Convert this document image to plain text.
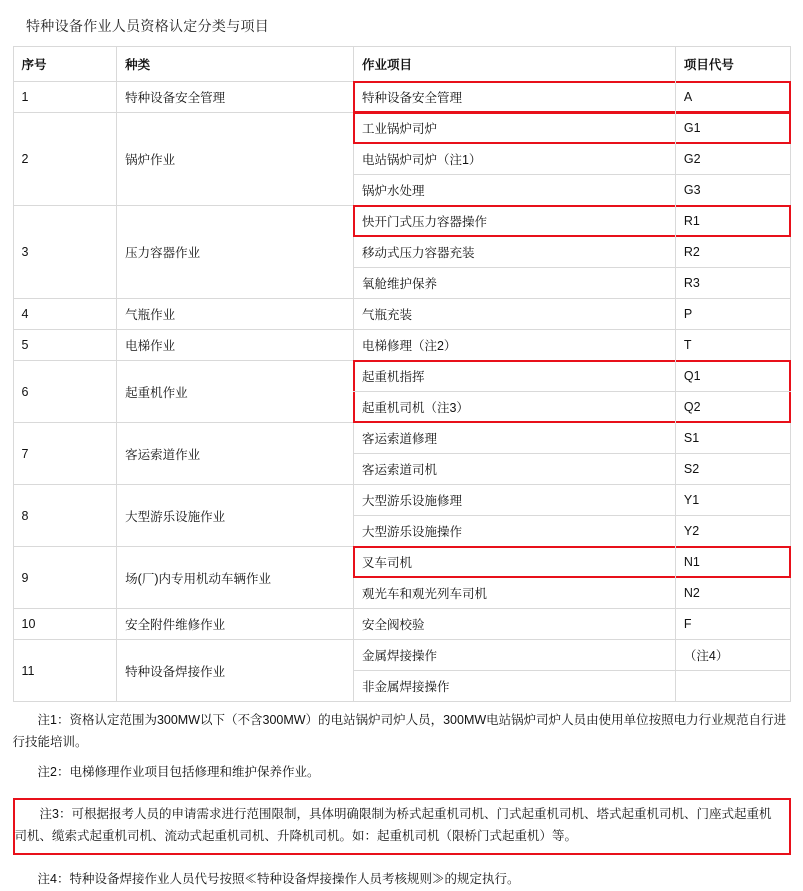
特种设备作业人员资格认定分类与项目
序号	种类	作业项目	项目代号
1	特种设备安全管理	特种设备安全管理	A
2	锅炉作业	工业锅炉司炉	G1
		电站锅炉司炉（注1）	G2
		锅炉水处理	G3
3	压力容器作业	快开门式压力容器操作	R1
		移动式压力容器充装	R2
		氧舱维护保养	R3
4	气瓶作业	气瓶充装	P
5	电梯作业	电梯修理（注2）	T
6	起重机作业	起重机指挥	Q1
		起重机司机（注3）	Q2
7	客运索道作业	客运索道修理	S1
		客运索道司机	S2
8	大型游乐设施作业	大型游乐设施修理	Y1
		大型游乐设施操作	Y2
9	场(厂)内专用机动车辆作业	叉车司机	N1
		观光车和观光列车司机	N2
10	安全附件维修作业	安全阀校验	F
11	特种设备焊接作业	金属焊接操作	（注4）
		非金属焊接操作	
注1：资格认定范围为300MW以下（不含300MW）的电站锅炉司炉人员，300MW电站锅炉司炉人员由使用单位按照电力行业规范自行进行技能培训。
注2：电梯修理作业项目包括修理和维护保养作业。

注3：可根据报考人员的申请需求进行范围限制，具体明确限制为桥式起重机司机、门式起重机司机、塔式起重机司机、门座式起重机司机、缆索式起重机司机、流动式起重机司机、升降机司机。如：起重机司机（限桥门式起重机）等。

注4：特种设备焊接作业人员代号按照≪特种设备焊接操作人员考核规则≫的规定执行。
